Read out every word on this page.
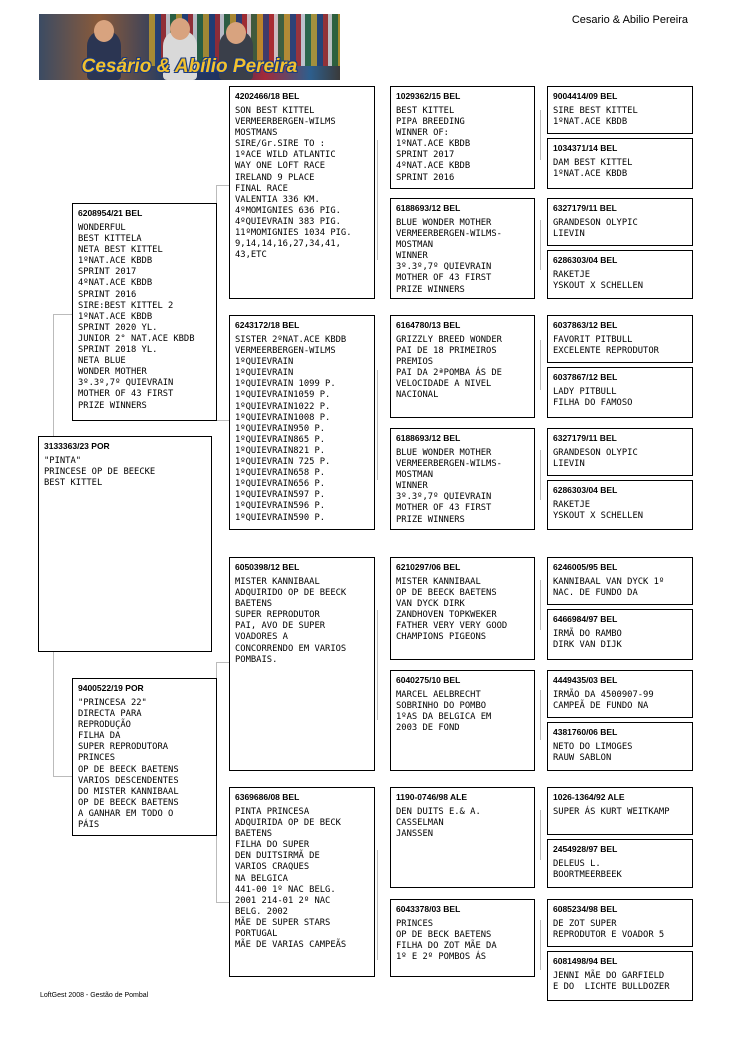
Cesario & Abilio Pereira
Cesário & Abílio Pereira
3133363/23 POR
"PINTA"
PRINCESE OP DE BEECKE
BEST KITTEL
6208954/21 BEL
WONDERFUL
BEST KITTELA
NETA BEST KITTEL
1ºNAT.ACE KBDB
SPRINT 2017
4ºNAT.ACE KBDB
SPRINT 2016
SIRE:BEST KITTEL 2
1ºNAT.ACE KBDB
SPRINT 2020 YL.
JUNIOR 2° NAT.ACE KBDB
SPRINT 2018 YL.
NETA BLUE
WONDER MOTHER
3º.3º,7º QUIEVRAIN
MOTHER OF 43 FIRST
PRIZE WINNERS
9400522/19 POR
"PRINCESA 22"
DIRECTA PARA
REPRODUÇÃO
FILHA DA
SUPER REPRODUTORA
PRINCES
OP DE BEECK BAETENS
VARIOS DESCENDENTES
DO MISTER KANNIBAAL
OP DE BEECK BAETENS
A GANHAR EM TODO O
PÁIS
4202466/18 BEL
SON BEST KITTEL
VERMEERBERGEN-WILMS
MOSTMANS
SIRE/Gr.SIRE TO :
1ºACE WILD ATLANTIC
WAY ONE LOFT RACE
IRELAND 9 PLACE
FINAL RACE
VALENTIA 336 KM.
4ºMOMIGNIES 636 PIG.
4ºQUIEVRAIN 383 PIG.
11ºMOMIGNIES 1034 PIG.
9,14,14,16,27,34,41,
43,ETC
6243172/18 BEL
SISTER 2ºNAT.ACE KBDB
VERMEERBERGEN-WILMS
1ºQUIEVRAIN
1ºQUIEVRAIN
1ºQUIEVRAIN 1099 P.
1ºQUIEVRAIN1059 P.
1ºQUIEVRAIN1022 P.
1ºQUIEVRAIN1008 P.
1ºQUIEVRAIN950 P.
1ºQUIEVRAIN865 P.
1ºQUIEVRAIN821 P.
1ºQUIEVRAIN 725 P.
1ºQUIEVRAIN658 P.
1ºQUIEVRAIN656 P.
1ºQUIEVRAIN597 P.
1ºQUIEVRAIN596 P.
1ºQUIEVRAIN590 P.
6050398/12 BEL
MISTER KANNIBAAL
ADQUIRIDO OP DE BEECK
BAETENS
SUPER REPRODUTOR
PAI, AVO DE SUPER
VOADORES A
CONCORRENDO EM VARIOS
POMBAIS.
6369686/08 BEL
PINTA PRINCESA
ADQUIRIDA OP DE BECK
BAETENS
FILHA DO SUPER
DEN DUITSIRMÃ DE
VARIOS CRAQUES
NA BELGICA
441-00 1º NAC BELG.
2001 214-01 2º NAC
BELG. 2002
MÃE DE SUPER STARS
PORTUGAL
MÃE DE VARIAS CAMPEÃS
1029362/15 BEL
BEST KITTEL
PIPA BREEDING
WINNER OF:
1ºNAT.ACE KBDB
SPRINT 2017
4ºNAT.ACE KBDB
SPRINT 2016
6188693/12 BEL
BLUE WONDER MOTHER
VERMEERBERGEN-WILMS-
MOSTMAN
WINNER
3º.3º,7º QUIEVRAIN
MOTHER OF 43 FIRST
PRIZE WINNERS
6164780/13 BEL
GRIZZLY BREED WONDER
PAI DE 18 PRIMEIROS
PREMIOS
PAI DA 2ªPOMBA ÁS DE
VELOCIDADE A NIVEL
NACIONAL
6188693/12 BEL
BLUE WONDER MOTHER
VERMEERBERGEN-WILMS-
MOSTMAN
WINNER
3º.3º,7º QUIEVRAIN
MOTHER OF 43 FIRST
PRIZE WINNERS
6210297/06 BEL
MISTER KANNIBAAL
OP DE BEECK BAETENS
VAN DYCK DIRK
ZANDHOVEN TOPKWEKER
FATHER VERY VERY GOOD
CHAMPIONS PIGEONS
6040275/10 BEL
MARCEL AELBRECHT
SOBRINHO DO POMBO
1ºAS DA BELGICA EM
2003 DE FOND
1190-0746/98 ALE
DEN DUITS E.& A.
CASSELMAN
JANSSEN
6043378/03 BEL
PRINCES
OP DE BECK BAETENS
FILHA DO ZOT MÃE DA
1º E 2º POMBOS ÁS
9004414/09 BEL
SIRE BEST KITTEL
1ºNAT.ACE KBDB
1034371/14 BEL
DAM BEST KITTEL
1ºNAT.ACE KBDB
6327179/11 BEL
GRANDESON OLYPIC
LIEVIN
6286303/04 BEL
RAKETJE
YSKOUT X SCHELLEN
6037863/12 BEL
FAVORIT PITBULL
EXCELENTE REPRODUTOR
6037867/12 BEL
LADY PITBULL
FILHA DO FAMOSO
6327179/11 BEL
GRANDESON OLYPIC
LIEVIN
6286303/04 BEL
RAKETJE
YSKOUT X SCHELLEN
6246005/95 BEL
KANNIBAAL VAN DYCK 1º
NAC. DE FUNDO DA
6466984/97 BEL
IRMÃ DO RAMBO
DIRK VAN DIJK
4449435/03 BEL
IRMÃO DA 4500907-99
CAMPEÃ DE FUNDO NA
4381760/06 BEL
NETO DO LIMOGES
RAUW SABLON
1026-1364/92 ALE
SUPER ÁS KURT WEITKAMP
2454928/97 BEL
DELEUS L.
BOORTMEERBEEK
6085234/98 BEL
DE ZOT SUPER
REPRODUTOR E VOADOR 5
6081498/94 BEL
JENNI MÃE DO GARFIELD
E DO  LICHTE BULLDOZER
LoftGest 2008 - Gestão de Pombal
